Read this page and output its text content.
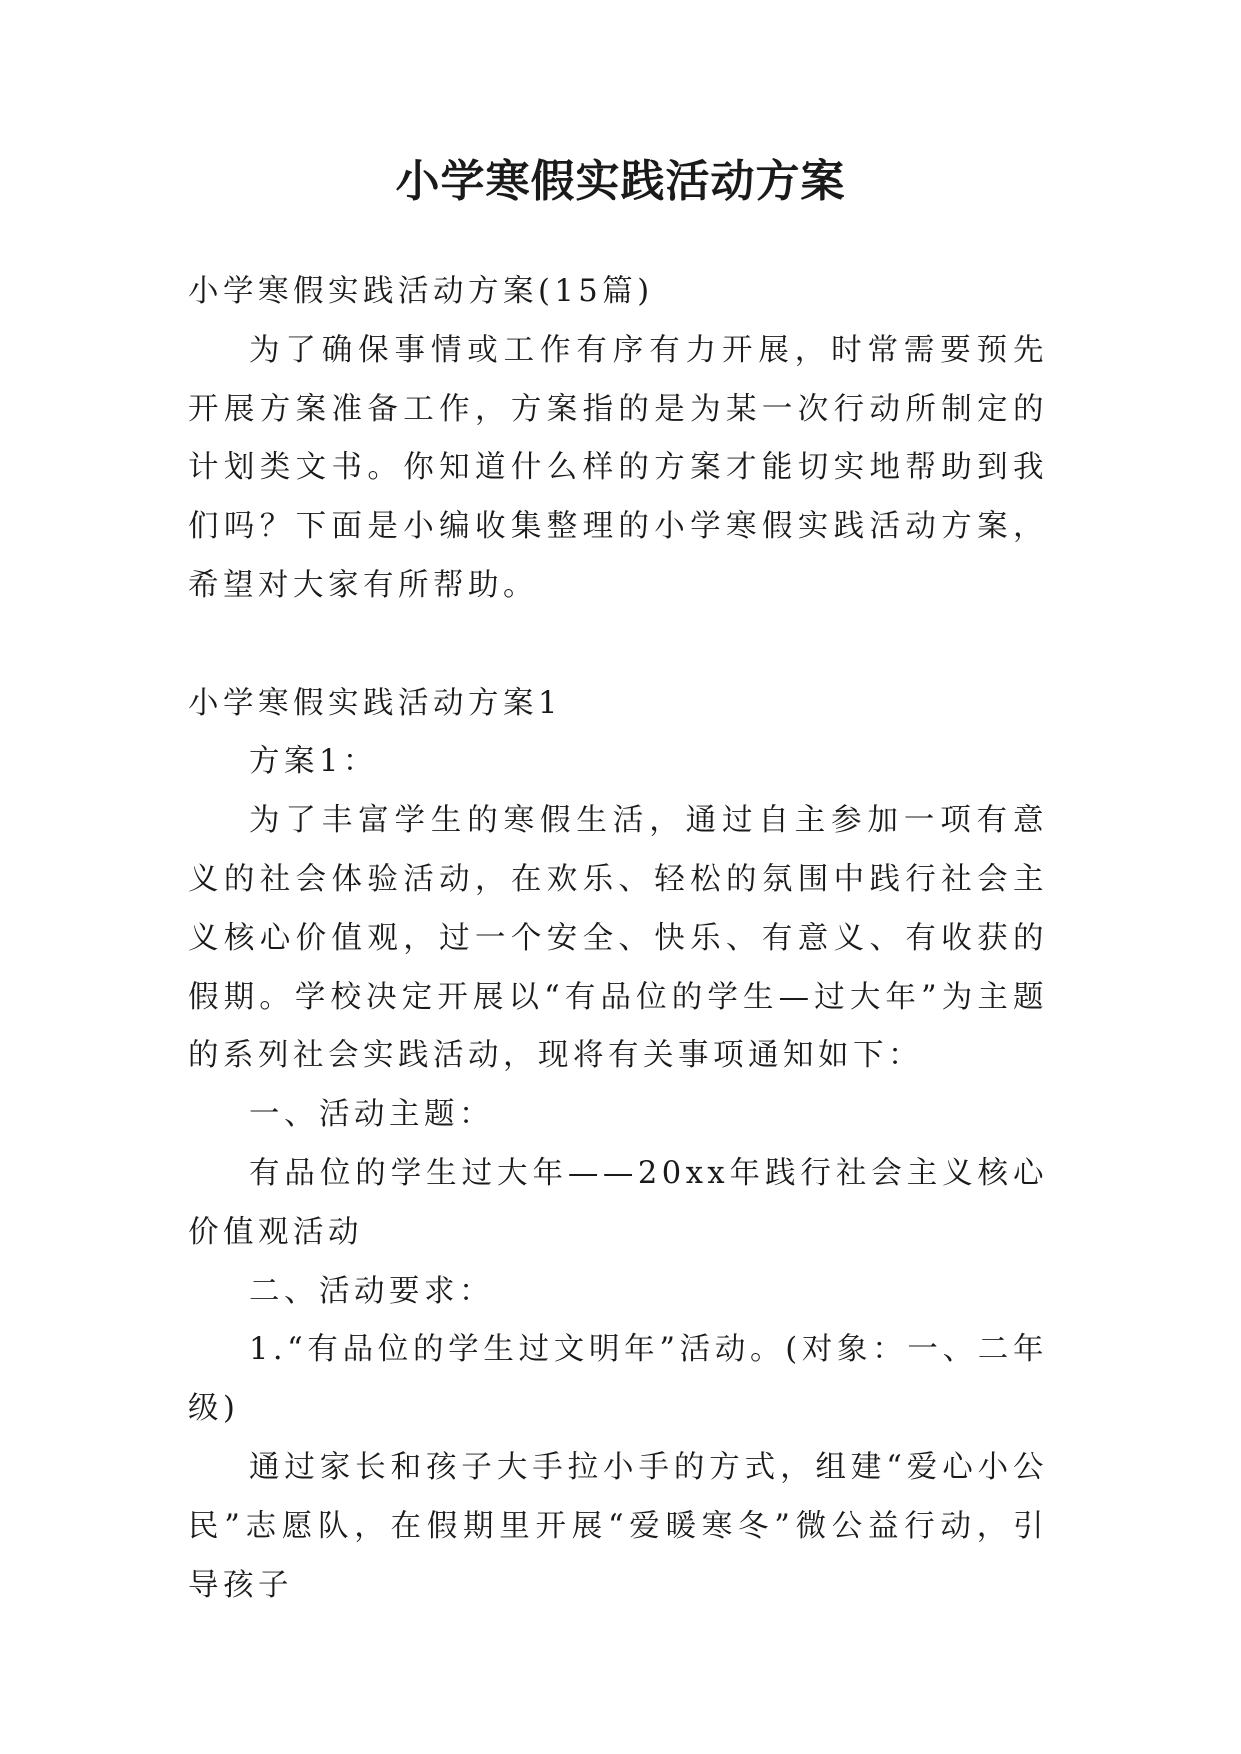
小学寒假实践活动方案

小学寒假实践活动方案(15篇)

为了确保事情或工作有序有力开展，时常需要预先开展方案准备工作，方案指的是为某一次行动所制定的计划类文书。你知道什么样的方案才能切实地帮助到我们吗？下面是小编收集整理的小学寒假实践活动方案，希望对大家有所帮助。

小学寒假实践活动方案1

方案1：

为了丰富学生的寒假生活，通过自主参加一项有意义的社会体验活动，在欢乐、轻松的氛围中践行社会主义核心价值观，过一个安全、快乐、有意义、有收获的假期。学校决定开展以“有品位的学生—过大年”为主题的系列社会实践活动，现将有关事项通知如下：

一、活动主题：

有品位的学生过大年——20xx年践行社会主义核心价值观活动

二、活动要求：

1.“有品位的学生过文明年”活动。(对象：一、二年级)

通过家长和孩子大手拉小手的方式，组建“爱心小公民”志愿队，在假期里开展“爱暖寒冬”微公益行动，引导孩子
